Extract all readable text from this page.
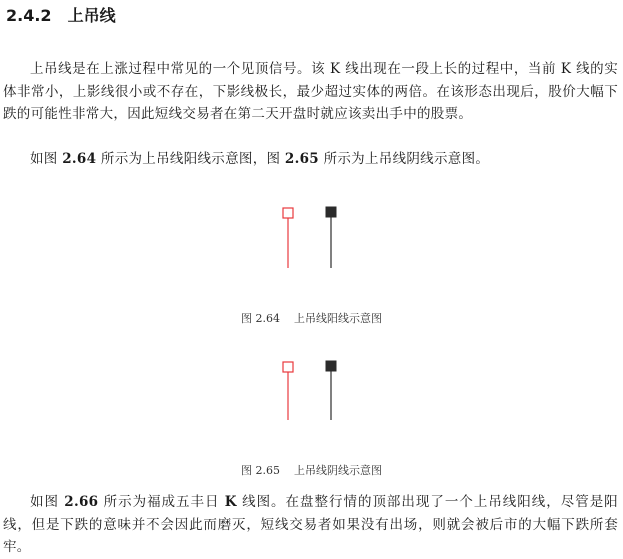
2.4.2 上吊线

上吊线是在上涨过程中常见的一个见顶信号。该 K 线出现在一段上长的过程中，当前 K 线的实体非常小，上影线很小或不存在，下影线极长，最少超过实体的两倍。在该形态出现后，股价大幅下跌的可能性非常大，因此短线交易者在第二天开盘时就应该卖出手中的股票。

如图 2.64 所示为上吊线阳线示意图，图 2.65 所示为上吊线阴线示意图。

图 2.64 上吊线阳线示意图
图 2.65 上吊线阴线示意图

如图 2.66 所示为福成五丰日 K 线图。在盘整行情的顶部出现了一个上吊线阳线，尽管是阳线，但是下跌的意味并不会因此而磨灭，短线交易者如果没有出场，则就会被后市的大幅下跌所套牢。
